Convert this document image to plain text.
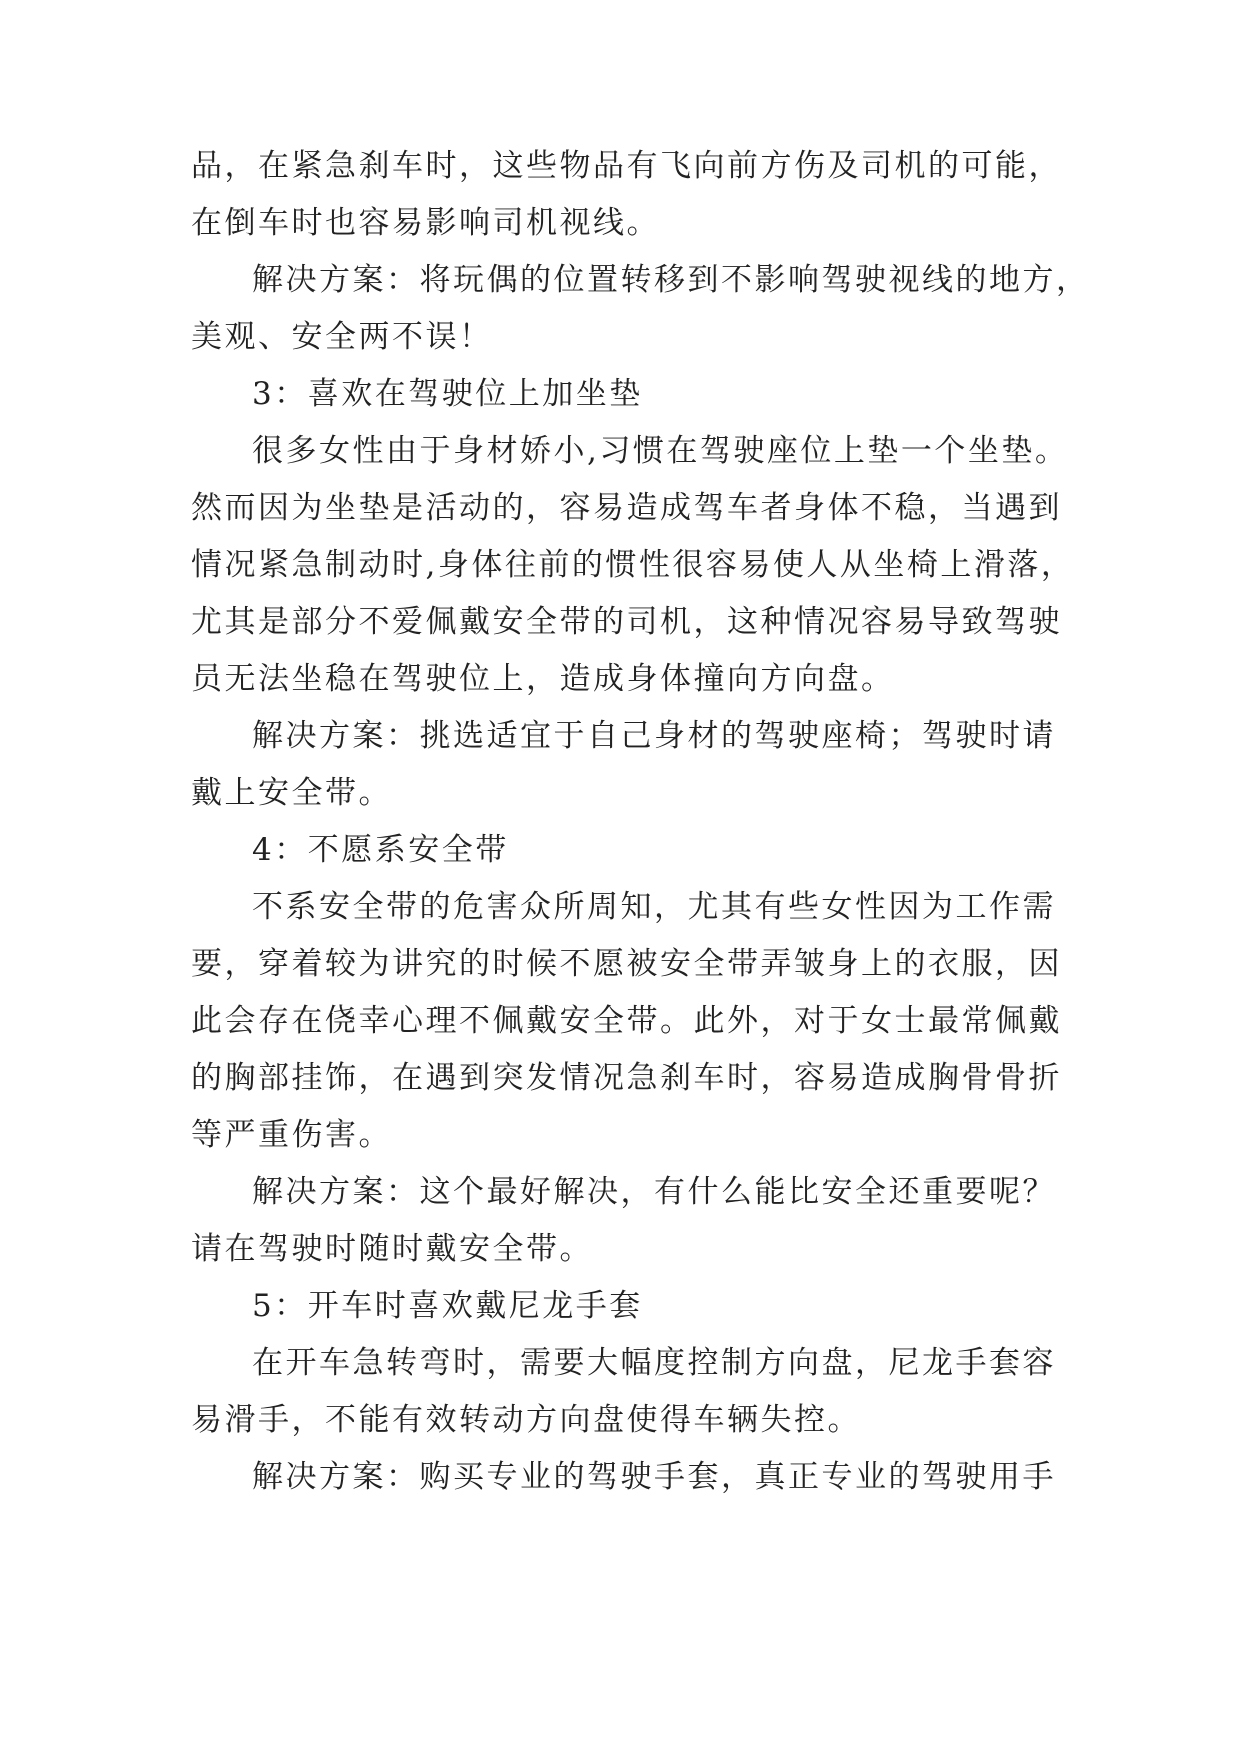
品，在紧急刹车时，这些物品有飞向前方伤及司机的可能，
在倒车时也容易影响司机视线。
解决方案：将玩偶的位置转移到不影响驾驶视线的地方，
美观、安全两不误！
3：喜欢在驾驶位上加坐垫
很多女性由于身材娇小,习惯在驾驶座位上垫一个坐垫。
然而因为坐垫是活动的，容易造成驾车者身体不稳，当遇到
情况紧急制动时,身体往前的惯性很容易使人从坐椅上滑落，
尤其是部分不爱佩戴安全带的司机，这种情况容易导致驾驶
员无法坐稳在驾驶位上，造成身体撞向方向盘。
解决方案：挑选适宜于自己身材的驾驶座椅；驾驶时请
戴上安全带。
4：不愿系安全带
不系安全带的危害众所周知，尤其有些女性因为工作需
要，穿着较为讲究的时候不愿被安全带弄皱身上的衣服，因
此会存在侥幸心理不佩戴安全带。此外，对于女士最常佩戴
的胸部挂饰，在遇到突发情况急刹车时，容易造成胸骨骨折
等严重伤害。
解决方案：这个最好解决，有什么能比安全还重要呢？
请在驾驶时随时戴安全带。
5：开车时喜欢戴尼龙手套
在开车急转弯时，需要大幅度控制方向盘，尼龙手套容
易滑手，不能有效转动方向盘使得车辆失控。
解决方案：购买专业的驾驶手套，真正专业的驾驶用手
